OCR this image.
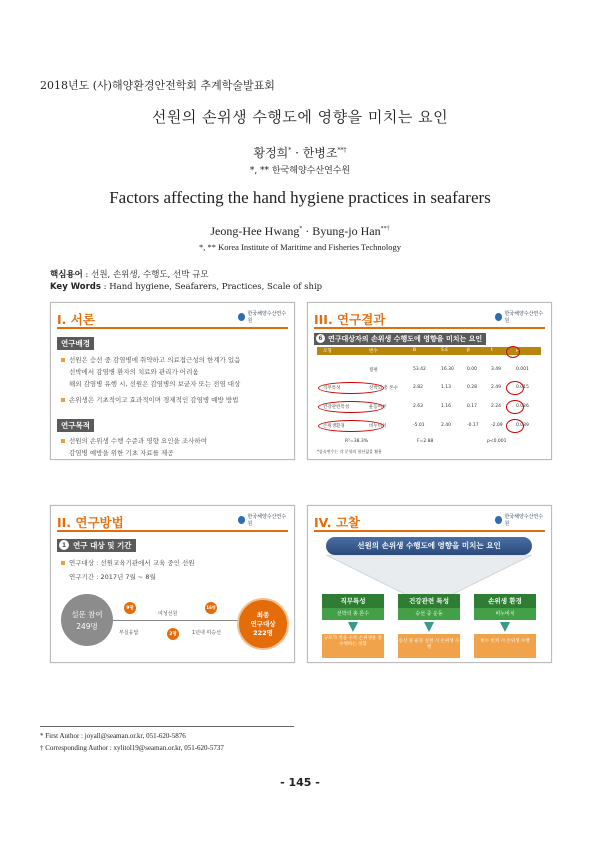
2018년도 (사)해양환경안전학회 추계학술발표회
선원의 손위생 수행도에 영향을 미치는 요인
황정희* · 한병조**†
*, ** 한국해양수산연수원
Factors affecting the hand hygiene practices in seafarers
Jeong-Hee Hwang* · Byung-jo Han**†
*, ** Korea Institute of Maritime and Fisheries Technology
핵심용어 : 선원, 손위생, 수행도, 선박 규모
Key Words : Hand hygiene, Seafarers, Practices, Scale of ship
I. 서론	한국해양수산연수원
연구배경
선원은 승선 중 감염병에 취약하고 의료접근성의 한계가 있음
선박에서 감염병 환자의 치료와 관리가 어려움
해외 감염병 유행 시, 선원은 감염병의 보균자 또는 전염 대상
손위생은 기초적이고 효과적이며 경제적인 감염병 예방 방법
연구목적
선원의 손위생 수행 수준과 영향 요인을 조사하여
감염병 예방을 위한 기초 자료를 제공
III. 연구결과	한국해양수산연수원
연구대상자의 손위생 수행도에 영향을 미치는 요인
6
모형	변수	B	S.E	β	t	p
절편	53.42	16.30	0.00	3.49	0.001
직무특성	선박의 총 톤수	2.82	1.13	0.28	2.49	0.015
건강관련특성	운동여부	2.63	1.16	0.17	2.24	0.026
손위생환경	비누비치	-5.01	2.40	-0.17	-2.09	0.039
R²=38.3%	F=2.88	p<0.001
*종속변수는 각 문항의 합산값을 활용
II. 연구방법	한국해양수산연수원
연구 대상 및 기간
1
연구대상 : 선원교육기관에서 교육 중인 선원
연구기간 : 2017년 7월 ~ 8월
설문 참여
249명
9명
부실응답
여성선원
2명
16명
1년내 미승선
최종
연구대상
222명
IV. 고찰	한국해양수산연수원
선원의 손위생 수행도에 영향을 미치는 요인
직무특성
선박의 총 톤수
건강관련 특성
승선 중 운동
손위생 환경
비누비치
규모가 작을 수록 손위생을 잘 수행하는 경향
승선 중 운동 실천 시 손위생 수행
비누 비치 시 손위생 수행
* First Author : joyall@seaman.or.kr, 051-620-5876
† Corresponding Author : xylitol19@seaman.or.kr, 051-620-5737
- 145 -
